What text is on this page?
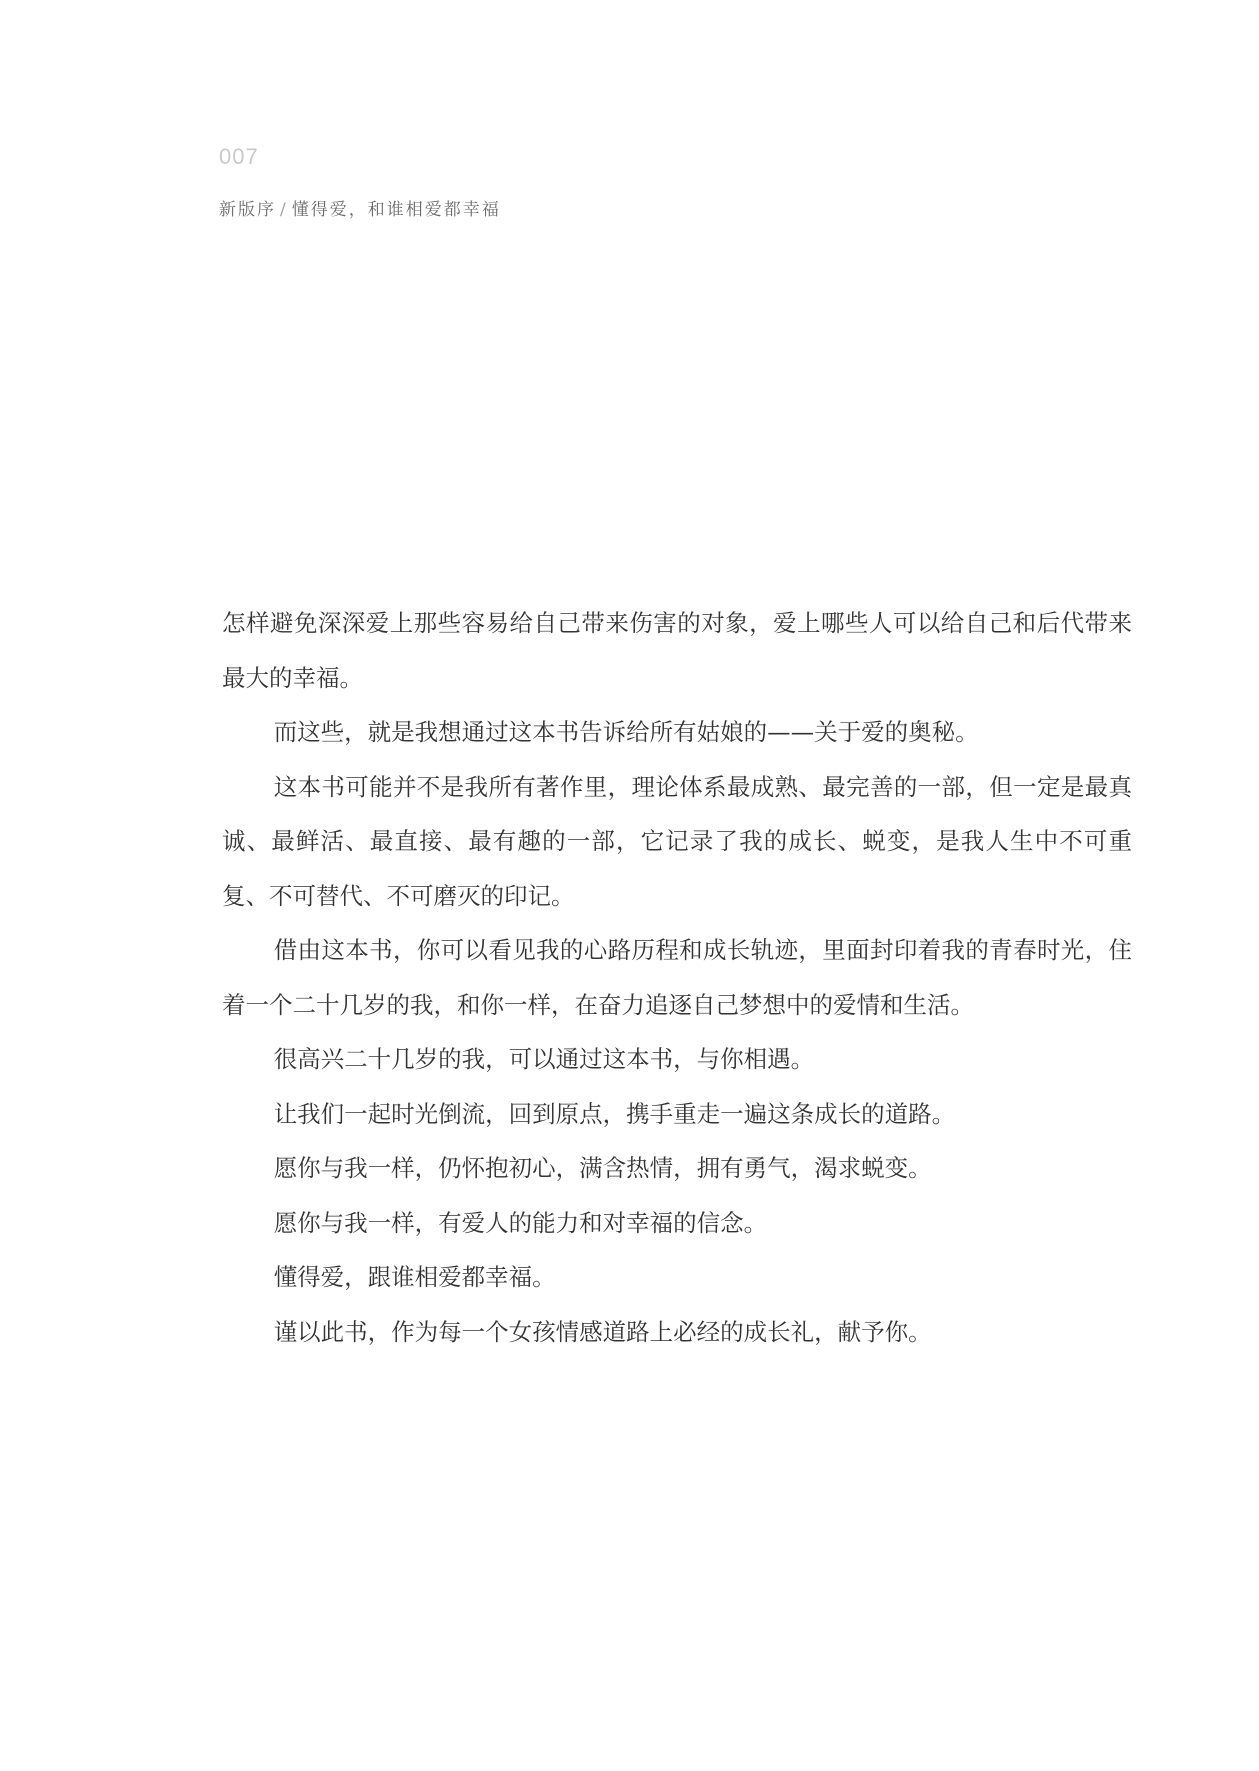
007
新版序 / 懂得爱，和谁相爱都幸福

怎样避免深深爱上那些容易给自己带来伤害的对象，爱上哪些人可以给自己和后代带来最大的幸福。

而这些，就是我想通过这本书告诉给所有姑娘的——关于爱的奥秘。

这本书可能并不是我所有著作里，理论体系最成熟、最完善的一部，但一定是最真诚、最鲜活、最直接、最有趣的一部，它记录了我的成长、蜕变，是我人生中不可重复、不可替代、不可磨灭的印记。

借由这本书，你可以看见我的心路历程和成长轨迹，里面封印着我的青春时光，住着一个二十几岁的我，和你一样，在奋力追逐自己梦想中的爱情和生活。

很高兴二十几岁的我，可以通过这本书，与你相遇。

让我们一起时光倒流，回到原点，携手重走一遍这条成长的道路。

愿你与我一样，仍怀抱初心，满含热情，拥有勇气，渴求蜕变。

愿你与我一样，有爱人的能力和对幸福的信念。

懂得爱，跟谁相爱都幸福。

谨以此书，作为每一个女孩情感道路上必经的成长礼，献予你。
